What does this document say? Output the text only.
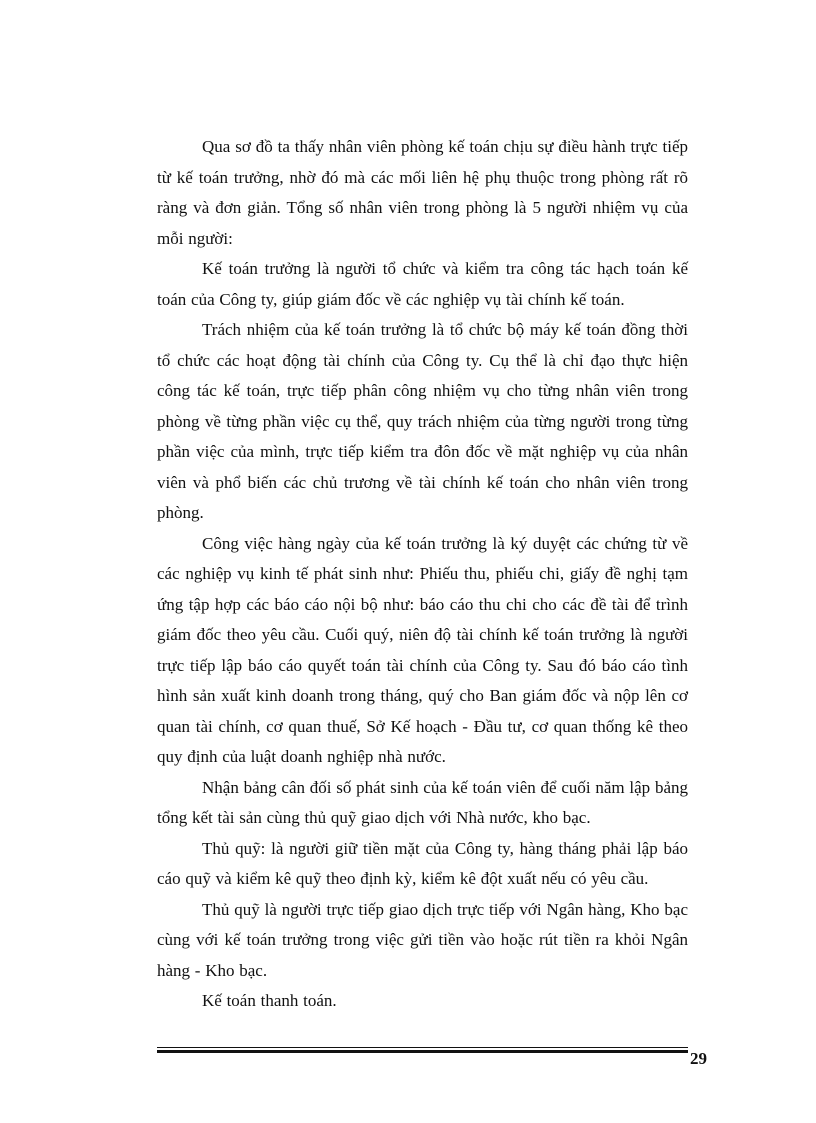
Qua sơ đồ ta thấy nhân viên phòng kế toán chịu sự điều hành trực tiếp từ kế toán trưởng, nhờ đó mà các mối liên hệ phụ thuộc trong phòng rất rõ ràng và đơn giản. Tổng số nhân viên trong phòng là 5 người nhiệm vụ của mỗi người:

Kế toán trưởng là người tổ chức và kiểm tra công tác hạch toán kế toán của Công ty, giúp giám đốc về các nghiệp vụ tài chính kế toán.

Trách nhiệm của kế toán trưởng là tổ chức bộ máy kế toán đồng thời tổ chức các hoạt động tài chính của Công ty. Cụ thể là chỉ đạo thực hiện công tác kế toán, trực tiếp phân công nhiệm vụ cho từng nhân viên trong phòng về từng phần việc cụ thể, quy trách nhiệm của từng người trong từng phần việc của mình, trực tiếp kiểm tra đôn đốc về mặt nghiệp vụ của nhân viên và phổ biến các chủ trương về tài chính kế toán cho nhân viên trong phòng.

Công việc hàng ngày của kế toán trưởng là ký duyệt các chứng từ về các nghiệp vụ kinh tế phát sinh như: Phiếu thu, phiếu chi, giấy đề nghị tạm ứng tập hợp các báo cáo nội bộ như: báo cáo thu chi cho các đề tài để trình giám đốc theo yêu cầu. Cuối quý, niên độ tài chính kế toán trưởng là người trực tiếp lập báo cáo quyết toán tài chính của Công ty. Sau đó báo cáo tình hình sản xuất kinh doanh trong tháng, quý cho Ban giám đốc và nộp lên cơ quan tài chính, cơ quan thuế, Sở Kế hoạch - Đầu tư, cơ quan thống kê theo quy định của luật doanh nghiệp nhà nước.

Nhận bảng cân đối số phát sinh của kế toán viên để cuối năm lập bảng tổng kết tài sản cùng thủ quỹ giao dịch với Nhà nước, kho bạc.

Thủ quỹ: là người giữ tiền mặt của Công ty, hàng tháng phải lập báo cáo quỹ và kiểm kê quỹ theo định kỳ, kiểm kê đột xuất nếu có yêu cầu.

Thủ quỹ là người trực tiếp giao dịch trực tiếp với Ngân hàng, Kho bạc cùng với kế toán trưởng trong việc gửi tiền vào hoặc rút tiền ra khỏi Ngân hàng - Kho bạc.

Kế toán thanh toán.

29
